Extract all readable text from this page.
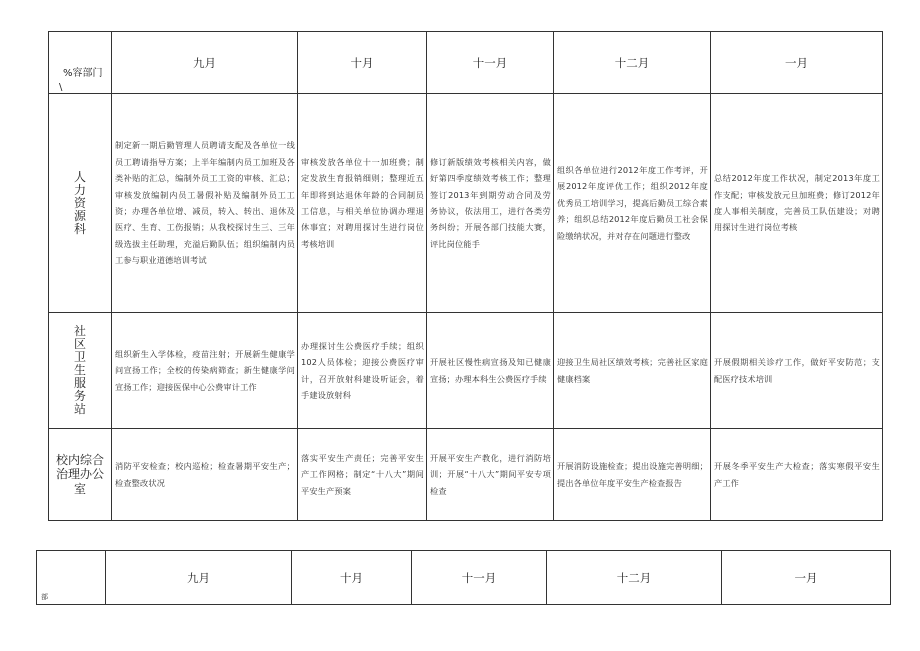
%容部门
\	九月	十月	十一月	十二月	一月
人力资源科	制定新一期后勤管理人员聘请支配及各单位一线员工聘请指导方案；上半年编制内员工加班及各类补贴的汇总，编制外员工工资的审核、汇总；审核发放编制内员工暑假补贴及编制外员工工资；办理各单位增、减员，转入、转出、退休及医疗、生育、工伤报销；从我校探讨生三、三年级选拔主任助理，充溢后勤队伍；组织编制内员工参与职业道德培训考试	审核发放各单位十一加班费；制定发放生育报销细则；整理近五年即将到达退休年龄的合同制员工信息，与相关单位协调办理退休事宜；对聘用探讨生进行岗位考核培训	修订新版绩效考核相关内容，做好第四季度绩效考核工作；整理签订2013年到期劳动合同及劳务协议，依法用工，进行各类劳务纠纷；开展各部门技能大赛，评比岗位能手	组织各单位进行2012年度工作考评，开展2012年度评优工作；组织2012年度优秀员工培训学习，提高后勤员工综合素养；组织总结2012年度后勤员工社会保险缴纳状况，并对存在问题进行整改	总结2012年度工作状况，制定2013年度工作支配；审核发放元旦加班费；修订2012年度人事相关制度，完善员工队伍建设；对聘用探讨生进行岗位考核
社区卫生服务站	组织新生入学体检，疫苗注射；开展新生健康学问宣扬工作；全校的传染病筛查；新生健康学问宣扬工作；迎接医保中心公费审计工作	办理探讨生公费医疗手续；组织102人员体检；迎接公费医疗审计，召开放射科建设听证会，着手建设放射科	开展社区慢性病宣扬及知已健康宣扬；办理本科生公费医疗手续	迎接卫生局社区绩效考核；完善社区家庭健康档案	开展假期相关诊疗工作，做好平安防范；支配医疗技术培训

校内综合治理办公室	消防平安检查；校内巡检；检查暑期平安生产；检查整改状况	落实平安生产责任；完善平安生产工作网格；制定“十八大”期间平安生产预案	开展平安生产教化，进行消防培训；开展“十八大”期间平安专项检查	开展消防设施检查；提出设施完善明细；提出各单位年度平安生产检查报告	开展冬季平安生产大检查；落实寒假平安生产工作
部
	九月	十月	十一月	十二月	一月
